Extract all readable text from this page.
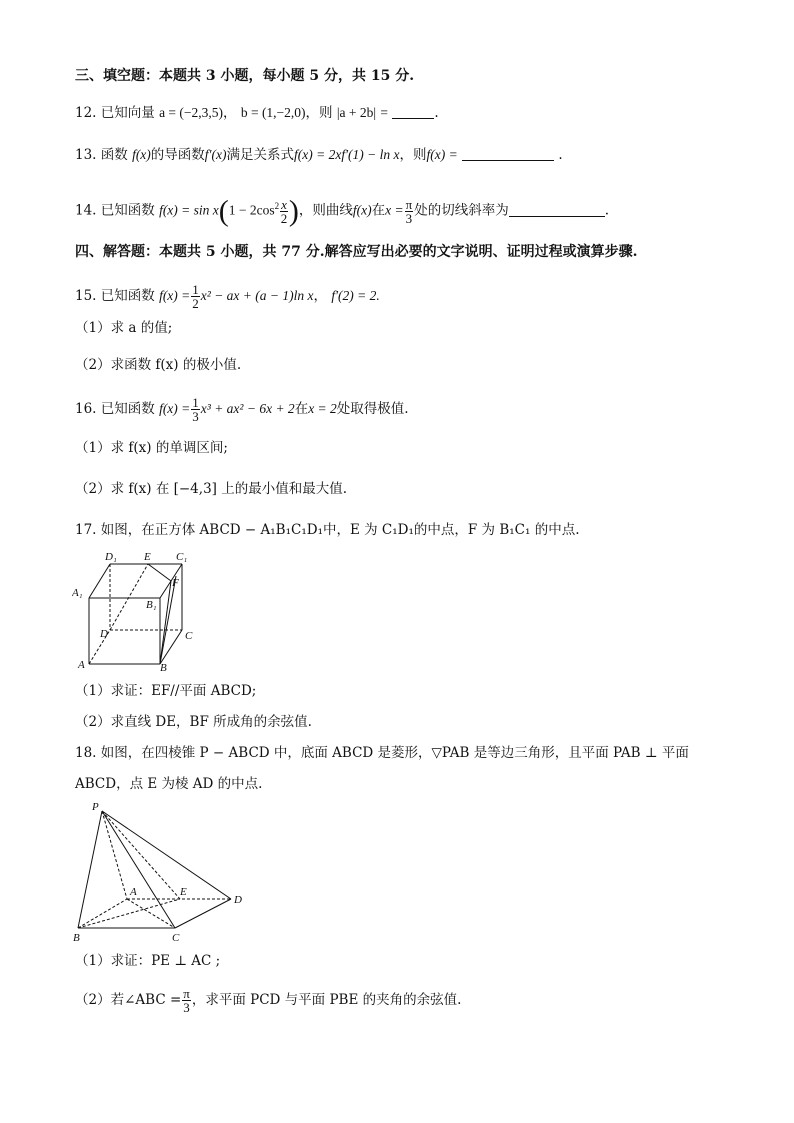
三、填空题：本题共 3 小题，每小题 5 分，共 15 分.
12. 已知向量 a = (−2,3,5)， b = (1,−2,0)，则 |a + 2b| =	.
13. 函数 f(x)的导函数f′(x)满足关系式f(x) = 2xf′(1) − ln x，则f(x) =	.
14. 已知函数 $f(x) = \sin x(1 - 2\cos^2 \frac{x}{2}$ )，则曲线f(x)在$x = \frac{\pi}{3}$ 处的切线斜率为	.
四、解答题：本题共 5 小题，共 77 分.解答应写出必要的文字说明、证明过程或演算步骤.
15. 已知函数 $f(x) = \frac{1}{2} x^2$ − ax + (a − 1)ln x， f′(2) = 2.
（1）求 a 的值;
（2）求函数 f(x) 的极小值.
16. 已知函数 $f(x) = \frac{1}{3} x^3 + ax^2 - 6x + 2$在x = 2处取得极值.
（1）求 f(x) 的单调区间;
（2）求 f(x) 在 [−4,3] 上的最小值和最大值.
17. 如图，在正方体 ABCD − A₁B₁C₁D₁中，E 为 C₁D₁的中点，F 为 B₁C₁ 的中点.
D₁ E C₁
A₁
B₁
F
D	C
A	B
（1）求证：EF//平面 ABCD;
（2）求直线 DE，BF 所成角的余弦值.
18. 如图，在四棱锥 P − ABCD 中，底面 ABCD 是菱形，▽PAB 是等边三角形，且平面 PAB ⊥ 平面
ABCD，点 E 为棱 AD 的中点.
P
A	E
D
B	C
（1）求证：PE ⊥ AC ;
（2）若∠ABC = $\frac{\pi}{3}$ ，求平面 PCD 与平面 PBE 的夹角的余弦值.
